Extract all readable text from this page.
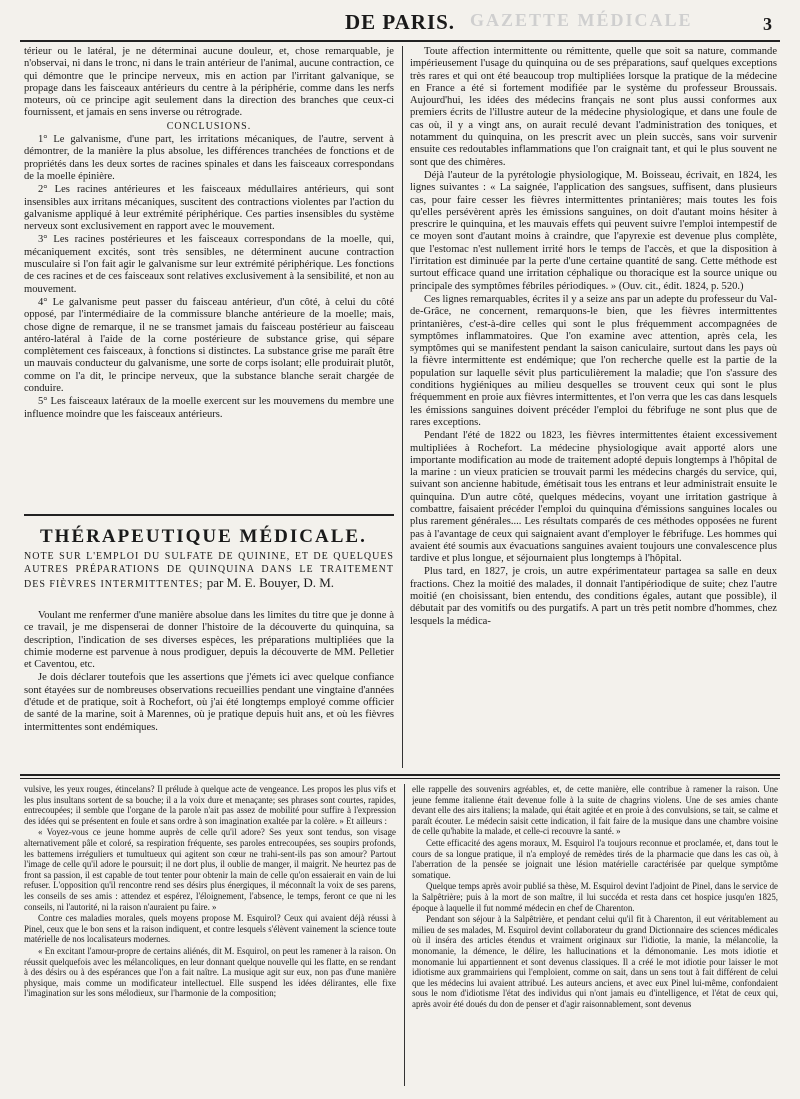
GAZETTE MÉDICALE
DE PARIS.	3

térieur ou le latéral, je ne déterminai aucune douleur, et, chose remarquable, je n'observai, ni dans le tronc, ni dans le train antérieur de l'animal, aucune contraction, ce qui démontre que le principe nerveux, mis en action par l'irritant galvanique, se propage dans les faisceaux antérieurs du centre à la périphérie, comme dans les nerfs moteurs, où ce principe agit seulement dans la direction des branches que ceux-ci fournissent, et jamais en sens inverse ou rétrograde.

CONCLUSIONS.

1° Le galvanisme, d'une part, les irritations mécaniques, de l'autre, servent à démontrer, de la manière la plus absolue, les différences tranchées de fonctions et de propriétés dans les deux sortes de racines spinales et dans les faisceaux correspondans de la moelle épinière.

2° Les racines antérieures et les faisceaux médullaires antérieurs, qui sont insensibles aux irritans mécaniques, suscitent des contractions violentes par l'action du galvanisme appliqué à leur extrémité périphérique. Ces parties insensibles du système nerveux sont exclusivement en rapport avec le mouvement.

3° Les racines postérieures et les faisceaux correspondans de la moelle, qui, mécaniquement excités, sont très sensibles, ne déterminent aucune contraction musculaire si l'on fait agir le galvanisme sur leur extrémité périphérique. Les fonctions de ces racines et de ces faisceaux sont relatives exclusivement à la sensibilité, et non au mouvement.

4° Le galvanisme peut passer du faisceau antérieur, d'un côté, à celui du côté opposé, par l'intermédiaire de la commissure blanche antérieure de la moelle; mais, chose digne de remarque, il ne se transmet jamais du faisceau postérieur au faisceau antéro-latéral à l'aide de la corne postérieure de substance grise, qui sépare complètement ces faisceaux, à fonctions si distinctes. La substance grise me paraît être un mauvais conducteur du galvanisme, une sorte de corps isolant; elle produirait plutôt, comme on l'a dit, le principe nerveux, que la substance blanche serait chargée de conduire.

5° Les faisceaux latéraux de la moelle exercent sur les mouvemens du membre une influence moindre que les faisceaux antérieurs.

THÉRAPEUTIQUE MÉDICALE.
NOTE SUR L'EMPLOI DU SULFATE DE QUININE, ET DE QUELQUES AUTRES PRÉPARATIONS DE QUINQUINA DANS LE TRAITEMENT DES FIÈVRES INTERMITTENTES; par M. E. Bouyer, D. M.

Voulant me renfermer d'une manière absolue dans les limites du titre que je donne à ce travail, je me dispenserai de donner l'histoire de la découverte du quinquina, sa description, l'indication de ses diverses espèces, les préparations multipliées que la chimie moderne est parvenue à nous prodiguer, depuis la découverte de MM. Pelletier et Caventou, etc.

Je dois déclarer toutefois que les assertions que j'émets ici avec quelque confiance sont étayées sur de nombreuses observations recueillies pendant une vingtaine d'années d'étude et de pratique, soit à Rochefort, où j'ai été longtemps employé comme officier de santé de la marine, soit à Marennes, où je pratique depuis huit ans, et où les fièvres intermittentes sont endémiques.

Toute affection intermittente ou rémittente, quelle que soit sa nature, commande impérieusement l'usage du quinquina ou de ses préparations, sauf quelques exceptions très rares et qui ont été beaucoup trop multipliées lorsque la pratique de la médecine en France a été si fortement modifiée par le système du professeur Broussais. Aujourd'hui, les idées des médecins français ne sont plus aussi conformes aux premiers écrits de l'illustre auteur de la médecine physiologique, et dans une foule de cas où, il y a vingt ans, on aurait reculé devant l'administration des toniques, et notamment du quinquina, on les prescrit avec un plein succès, sans voir survenir ensuite ces redoutables inflammations que l'on craignait tant, et qui le plus souvent ne sont que des chimères.

Déjà l'auteur de la pyrétologie physiologique, M. Boisseau, écrivait, en 1824, les lignes suivantes : « La saignée, l'application des sangsues, suffisent, dans plusieurs cas, pour faire cesser les fièvres intermittentes printanières; mais toutes les fois qu'elles persévèrent après les émissions sanguines, on doit d'autant moins hésiter à prescrire le quinquina, et les mauvais effets qui peuvent suivre l'emploi intempestif de ce moyen sont d'autant moins à craindre, que l'apyrexie est devenue plus complète, que l'estomac n'est nullement irrité hors le temps de l'accès, et que la disposition à l'irritation est diminuée par la perte d'une certaine quantité de sang. Cette méthode est surtout efficace quand une irritation céphalique ou thoracique est la source unique ou principale des symptômes fébriles périodiques. » (Ouv. cit., édit. 1824, p. 520.)

Ces lignes remarquables, écrites il y a seize ans par un adepte du professeur du Val-de-Grâce, ne concernent, remarquons-le bien, que les fièvres intermittentes printanières, c'est-à-dire celles qui sont le plus fréquemment accompagnées de symptômes inflammatoires. Que l'on examine avec attention, après cela, les symptômes qui se manifestent pendant la saison caniculaire, surtout dans les pays où la fièvre intermittente est endémique; que l'on recherche quelle est la partie de la population sur laquelle sévit plus particulièrement la maladie; que l'on s'assure des conditions hygiéniques au milieu desquelles se trouvent ceux qui sont le plus fréquemment en proie aux fièvres intermittentes, et l'on verra que les cas dans lesquels les émissions sanguines doivent précéder l'emploi du fébrifuge ne sont plus que de rares exceptions.

Pendant l'été de 1822 ou 1823, les fièvres intermittentes étaient excessivement multipliées à Rochefort. La médecine physiologique avait apporté alors une importante modification au mode de traitement adopté depuis longtemps à l'hôpital de la marine : un vieux praticien se trouvait parmi les médecins chargés du service, qui, suivant son ancienne habitude, émétisait tous les entrans et leur administrait ensuite le quinquina. D'un autre côté, quelques médecins, voyant une irritation gastrique à combattre, faisaient précéder l'emploi du quinquina d'émissions sanguines locales ou plus rarement générales.... Les résultats comparés de ces méthodes opposées ne furent pas à l'avantage de ceux qui saignaient avant d'employer le fébrifuge. Les hommes qui avaient été soumis aux évacuations sanguines avaient toujours une convalescence plus tardive et plus longue, et séjournaient plus longtemps à l'hôpital.

Plus tard, en 1827, je crois, un autre expérimentateur partagea sa salle en deux fractions. Chez la moitié des malades, il donnait l'antipériodique de suite; chez l'autre moitié (en choisissant, bien entendu, des conditions égales, autant que possible), il débutait par des vomitifs ou des purgatifs. A part un très petit nombre d'hommes, chez lesquels la médica-

vulsive, les yeux rouges, étincelans? Il prélude à quelque acte de vengeance. Les propos les plus vifs et les plus insultans sortent de sa bouche; il a la voix dure et menaçante; ses phrases sont courtes, rapides, entrecoupées; il semble que l'organe de la parole n'ait pas assez de mobilité pour suffire à l'expression des idées qui se présentent en foule et sans ordre à son imagination exaltée par la colère. » Et ailleurs :

« Voyez-vous ce jeune homme auprès de celle qu'il adore? Ses yeux sont tendus, son visage alternativement pâle et coloré, sa respiration fréquente, ses paroles entrecoupées, ses soupirs profonds, les battemens irréguliers et tumultueux qui agitent son cœur ne trahi-sent-ils pas son amour? Partout l'image de celle qu'il adore le poursuit; il ne dort plus, il oublie de manger, il maigrit. Ne heurtez pas de front sa passion, il est capable de tout tenter pour obtenir la main de celle qu'on essaierait en vain de lui refuser. L'opposition qu'il rencontre rend ses désirs plus énergiques, il méconnaît la voix de ses parens, les conseils de ses amis : attendez et espérez, l'éloignement, l'absence, le temps, feront ce que ni les conseils, ni l'autorité, ni la raison n'auraient pu faire. »

Contre ces maladies morales, quels moyens propose M. Esquirol? Ceux qui avaient déjà réussi à Pinel, ceux que le bon sens et la raison indiquent, et contre lesquels s'élèvent vainement la science toute matérielle de nos localisateurs modernes.

« En excitant l'amour-propre de certains aliénés, dit M. Esquirol, on peut les ramener à la raison. On réussit quelquefois avec les mélancoliques, en leur donnant quelque nouvelle qui les flatte, en se rendant à des désirs ou à des espérances que l'on a fait naître. La musique agit sur eux, non pas d'une manière physique, mais comme un modificateur intellectuel. Elle suspend les idées délirantes, elle fixe l'imagination sur les sons mélodieux, sur l'harmonie de la composition;

elle rappelle des souvenirs agréables, et, de cette manière, elle contribue à ramener la raison. Une jeune femme italienne était devenue folle à la suite de chagrins violens. Une de ses amies chante devant elle des airs italiens; la malade, qui était agitée et en proie à des convulsions, se tait, se calme et paraît écouter. Le médecin saisit cette indication, il fait faire de la musique dans une chambre voisine de celle qu'habite la malade, et celle-ci recouvre la santé. »

Cette efficacité des agens moraux, M. Esquirol l'a toujours reconnue et proclamée, et, dans tout le cours de sa longue pratique, il n'a employé de remèdes tirés de la pharmacie que dans les cas où, à l'aberration de la pensée se joignait une lésion matérielle caractérisée par quelque symptôme somatique.

Quelque temps après avoir publié sa thèse, M. Esquirol devint l'adjoint de Pinel, dans le service de la Salpêtrière; puis à la mort de son maître, il lui succéda et resta dans cet hospice jusqu'en 1825, époque à laquelle il fut nommé médecin en chef de Charenton.

Pendant son séjour à la Salpêtrière, et pendant celui qu'il fit à Charenton, il eut véritablement au milieu de ses malades, M. Esquirol devint collaborateur du grand Dictionnaire des sciences médicales où il inséra des articles étendus et vraiment originaux sur l'idiotie, la manie, la mélancolie, la monomanie, la démence, le délire, les hallucinations et la démonomanie. Les mots idiotie et monomanie lui appartiennent et sont devenus classiques. Il a créé le mot idiotie pour laisser le mot idiotisme aux grammairiens qui l'emploient, comme on sait, dans un sens tout à fait différent de celui que les médecins lui avaient attribué. Les auteurs anciens, et avec eux Pinel lui-même, confondaient sous le nom d'idiotisme l'état des individus qui n'ont jamais eu d'intelligence, et l'état de ceux qui, après avoir été doués du don de penser et d'agir raisonnablement, sont devenus
